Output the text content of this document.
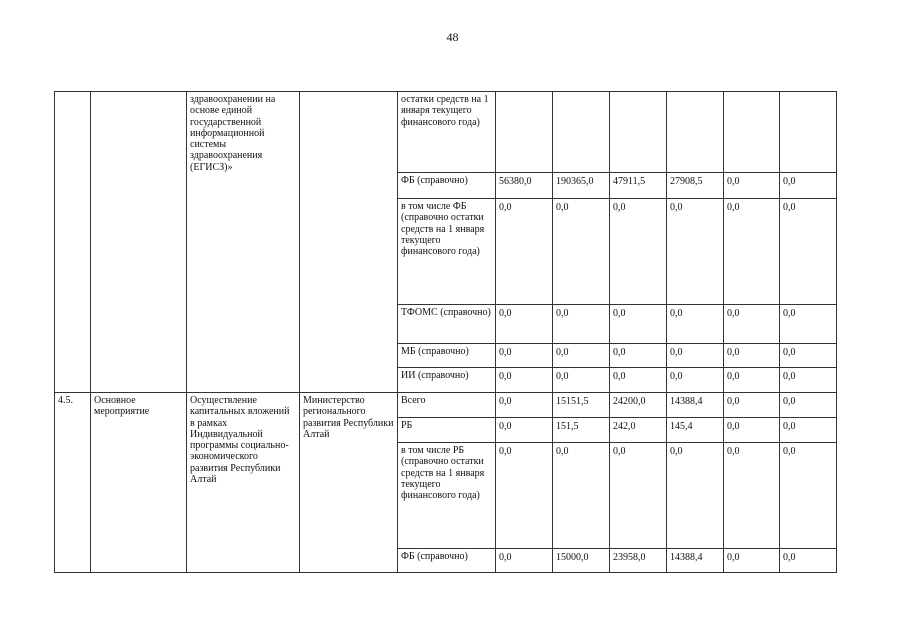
48
		здравоохранении на основе единой государственной информационной системы здравоохранения (ЕГИСЗ)»		остатки средств на 1 января текущего финансового года)						
				ФБ (справочно)	56380,0	190365,0	47911,5	27908,5	0,0	0,0
				в том числе ФБ (справочно остатки средств на 1 января текущего финансового года)	0,0	0,0	0,0	0,0	0,0	0,0
				ТФОМС (справочно)	0,0	0,0	0,0	0,0	0,0	0,0
				МБ (справочно)	0,0	0,0	0,0	0,0	0,0	0,0
				ИИ (справочно)	0,0	0,0	0,0	0,0	0,0	0,0
4.5.	Основное мероприятие	Осуществление капитальных вложений в рамках Индивидуальной программы социально-экономического развития Республики Алтай	Министерство регионального развития Республики Алтай	Всего	0,0	15151,5	24200,0	14388,4	0,0	0,0
				РБ	0,0	151,5	242,0	145,4	0,0	0,0
				в том числе РБ (справочно остатки средств на 1 января текущего финансового года)	0,0	0,0	0,0	0,0	0,0	0,0
				ФБ (справочно)	0,0	15000,0	23958,0	14388,4	0,0	0,0
